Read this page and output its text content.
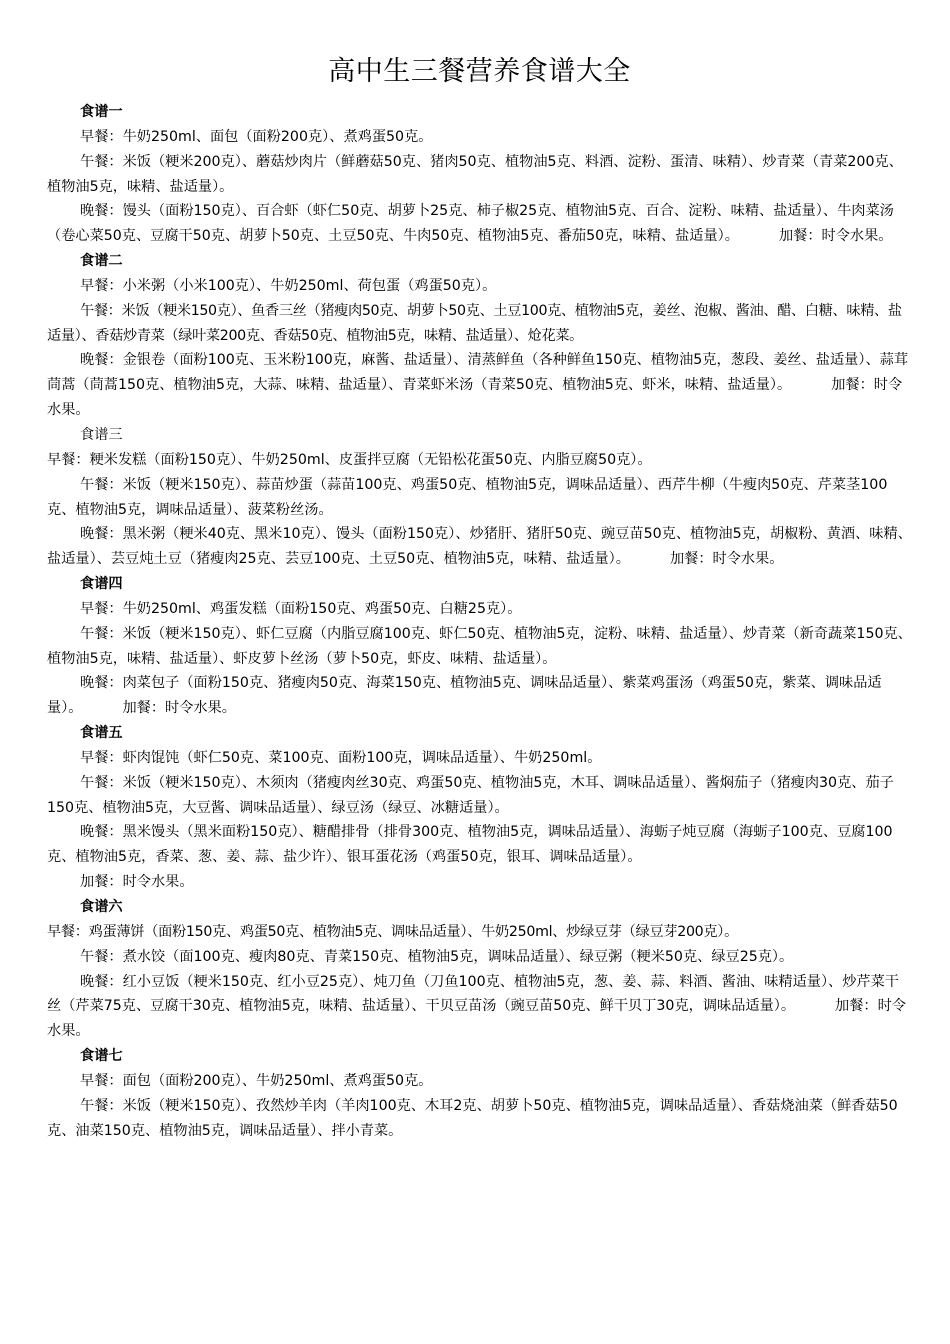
高中生三餐营养食谱大全

食谱一

早餐：牛奶250ml、面包（面粉200克）、煮鸡蛋50克。

午餐：米饭（粳米200克）、蘑菇炒肉片（鲜蘑菇50克、猪肉50克、植物油5克、料酒、淀粉、蛋清、味精）、炒青菜（青菜200克、植物油5克，味精、盐适量）。

晚餐：馒头（面粉150克）、百合虾（虾仁50克、胡萝卜25克、柿子椒25克、植物油5克、百合、淀粉、味精、盐适量）、牛肉菜汤（卷心菜50克、豆腐干50克、胡萝卜50克、土豆50克、牛肉50克、植物油5克、番茄50克，味精、盐适量）。	加餐：时令水果。

食谱二

早餐：小米粥（小米100克）、牛奶250ml、荷包蛋（鸡蛋50克）。

午餐：米饭（粳米150克）、鱼香三丝（猪瘦肉50克、胡萝卜50克、土豆100克、植物油5克，姜丝、泡椒、酱油、醋、白糖、味精、盐适量）、香菇炒青菜（绿叶菜200克、香菇50克、植物油5克，味精、盐适量）、炝花菜。

晚餐：金银卷（面粉100克、玉米粉100克，麻酱、盐适量）、清蒸鲜鱼（各种鲜鱼150克、植物油5克，葱段、姜丝、盐适量）、蒜茸茼蒿（茼蒿150克、植物油5克，大蒜、味精、盐适量）、青菜虾米汤（青菜50克、植物油5克、虾米，味精、盐适量）。	加餐：时令水果。

食谱三

早餐：粳米发糕（面粉150克）、牛奶250ml、皮蛋拌豆腐（无铅松花蛋50克、内脂豆腐50克）。

午餐：米饭（粳米150克）、蒜苗炒蛋（蒜苗100克、鸡蛋50克、植物油5克，调味品适量）、西芹牛柳（牛瘦肉50克、芹菜茎100克、植物油5克，调味品适量）、菠菜粉丝汤。

晚餐：黑米粥（粳米40克、黑米10克）、馒头（面粉150克）、炒猪肝、猪肝50克、豌豆苗50克、植物油5克，胡椒粉、黄酒、味精、盐适量）、芸豆炖土豆（猪瘦肉25克、芸豆100克、土豆50克、植物油5克，味精、盐适量）。	加餐：时令水果。

食谱四

早餐：牛奶250ml、鸡蛋发糕（面粉150克、鸡蛋50克、白糖25克）。

午餐：米饭（粳米150克）、虾仁豆腐（内脂豆腐100克、虾仁50克、植物油5克，淀粉、味精、盐适量）、炒青菜（新奇蔬菜150克、植物油5克，味精、盐适量）、虾皮萝卜丝汤（萝卜50克，虾皮、味精、盐适量）。

晚餐：肉菜包子（面粉150克、猪瘦肉50克、海菜150克、植物油5克、调味品适量）、紫菜鸡蛋汤（鸡蛋50克，紫菜、调味品适量）。	加餐：时令水果。

食谱五

早餐：虾肉馄饨（虾仁50克、菜100克、面粉100克，调味品适量）、牛奶250ml。

午餐：米饭（粳米150克）、木须肉（猪瘦肉丝30克、鸡蛋50克、植物油5克，木耳、调味品适量）、酱焖茄子（猪瘦肉30克、茄子150克、植物油5克，大豆酱、调味品适量）、绿豆汤（绿豆、冰糖适量）。

晚餐：黑米馒头（黑米面粉150克）、糖醋排骨（排骨300克、植物油5克，调味品适量）、海蛎子炖豆腐（海蛎子100克、豆腐100克、植物油5克，香菜、葱、姜、蒜、盐少许）、银耳蛋花汤（鸡蛋50克，银耳、调味品适量）。

加餐：时令水果。

食谱六

早餐：鸡蛋薄饼（面粉150克、鸡蛋50克、植物油5克、调味品适量）、牛奶250ml、炒绿豆芽（绿豆芽200克）。

午餐：煮水饺（面100克、瘦肉80克、青菜150克、植物油5克，调味品适量）、绿豆粥（粳米50克、绿豆25克）。

晚餐：红小豆饭（粳米150克、红小豆25克）、炖刀鱼（刀鱼100克、植物油5克，葱、姜、蒜、料酒、酱油、味精适量）、炒芹菜干丝（芹菜75克、豆腐干30克、植物油5克，味精、盐适量）、干贝豆苗汤（豌豆苗50克、鲜干贝丁30克，调味品适量）。	加餐：时令水果。

食谱七

早餐：面包（面粉200克）、牛奶250ml、煮鸡蛋50克。

午餐：米饭（粳米150克）、孜然炒羊肉（羊肉100克、木耳2克、胡萝卜50克、植物油5克，调味品适量）、香菇烧油菜（鲜香菇50克、油菜150克、植物油5克，调味品适量）、拌小青菜。
